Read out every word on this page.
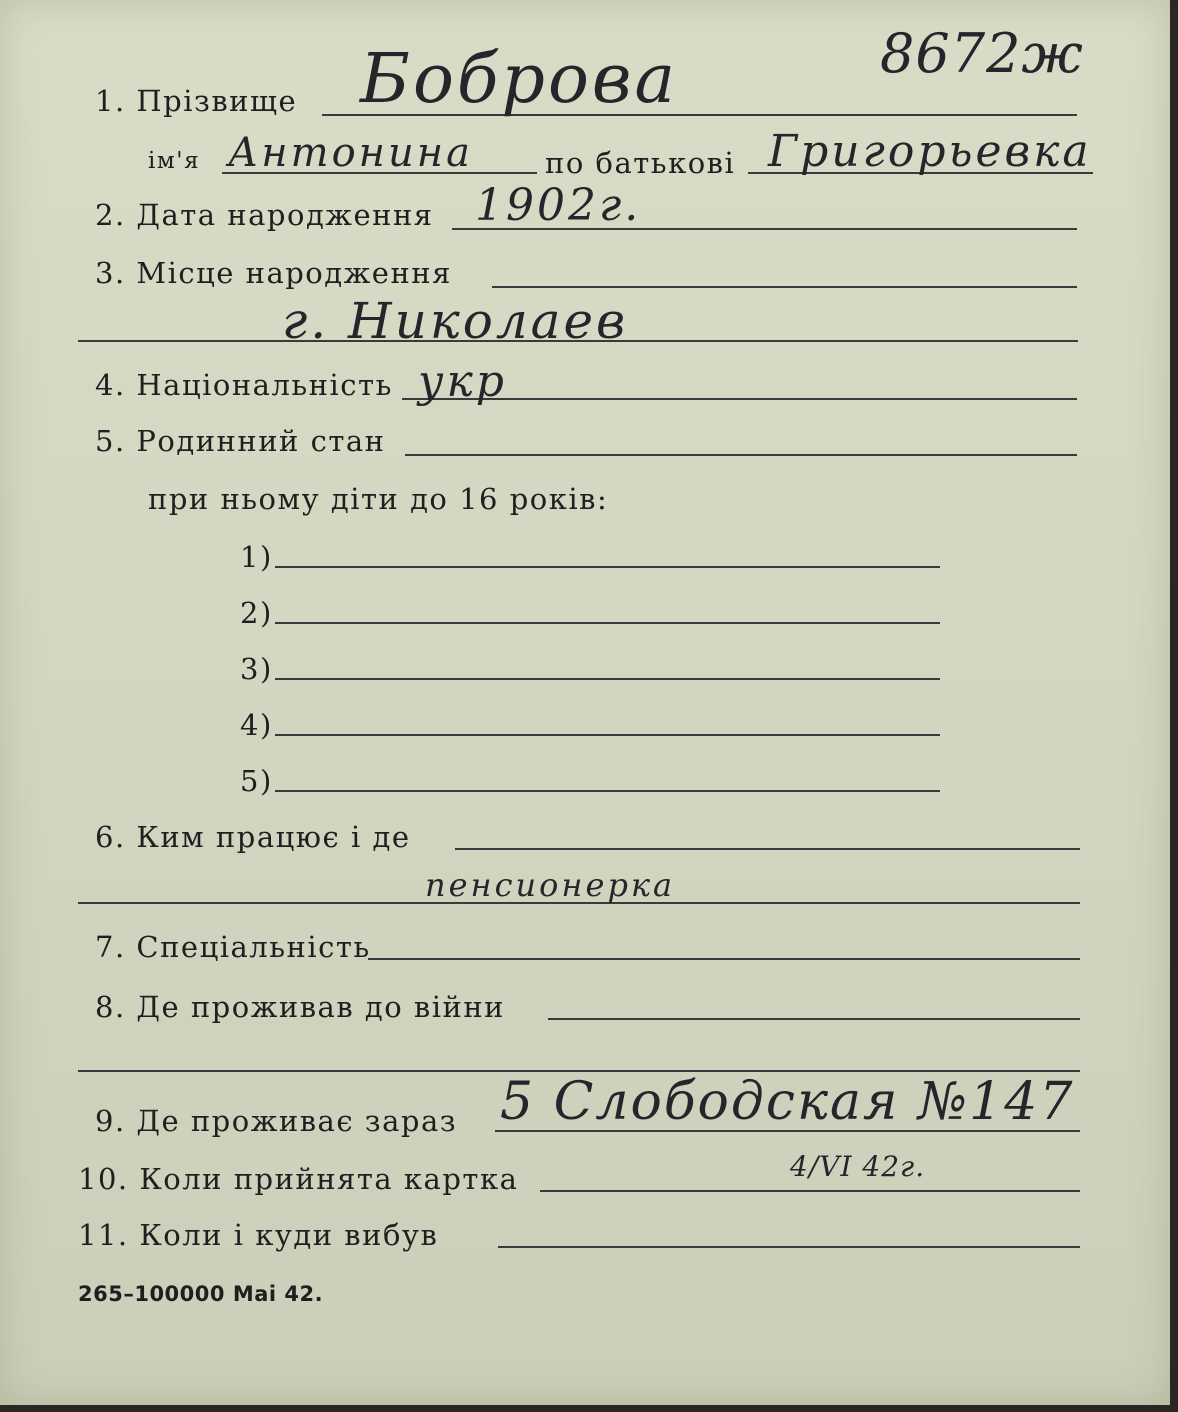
8672ж
1. Прізвище Боброва
ім'я Антонина по батькові Григорьевка
2. Дата народження 1902г.
3. Місце народження
г. Николаев
4. Національність укр
5. Родинний стан
при ньому діти до 16 років:
1)
2)
3)
4)
5)
6. Ким працює і де
пенсионерка
7. Спеціальність
8. Де проживав до війни
9. Де проживає зараз 5 Слободская №147
10. Коли прийнята картка	4/VI 42г.
11. Коли і куди вибув
265–100000 Mai 42.
